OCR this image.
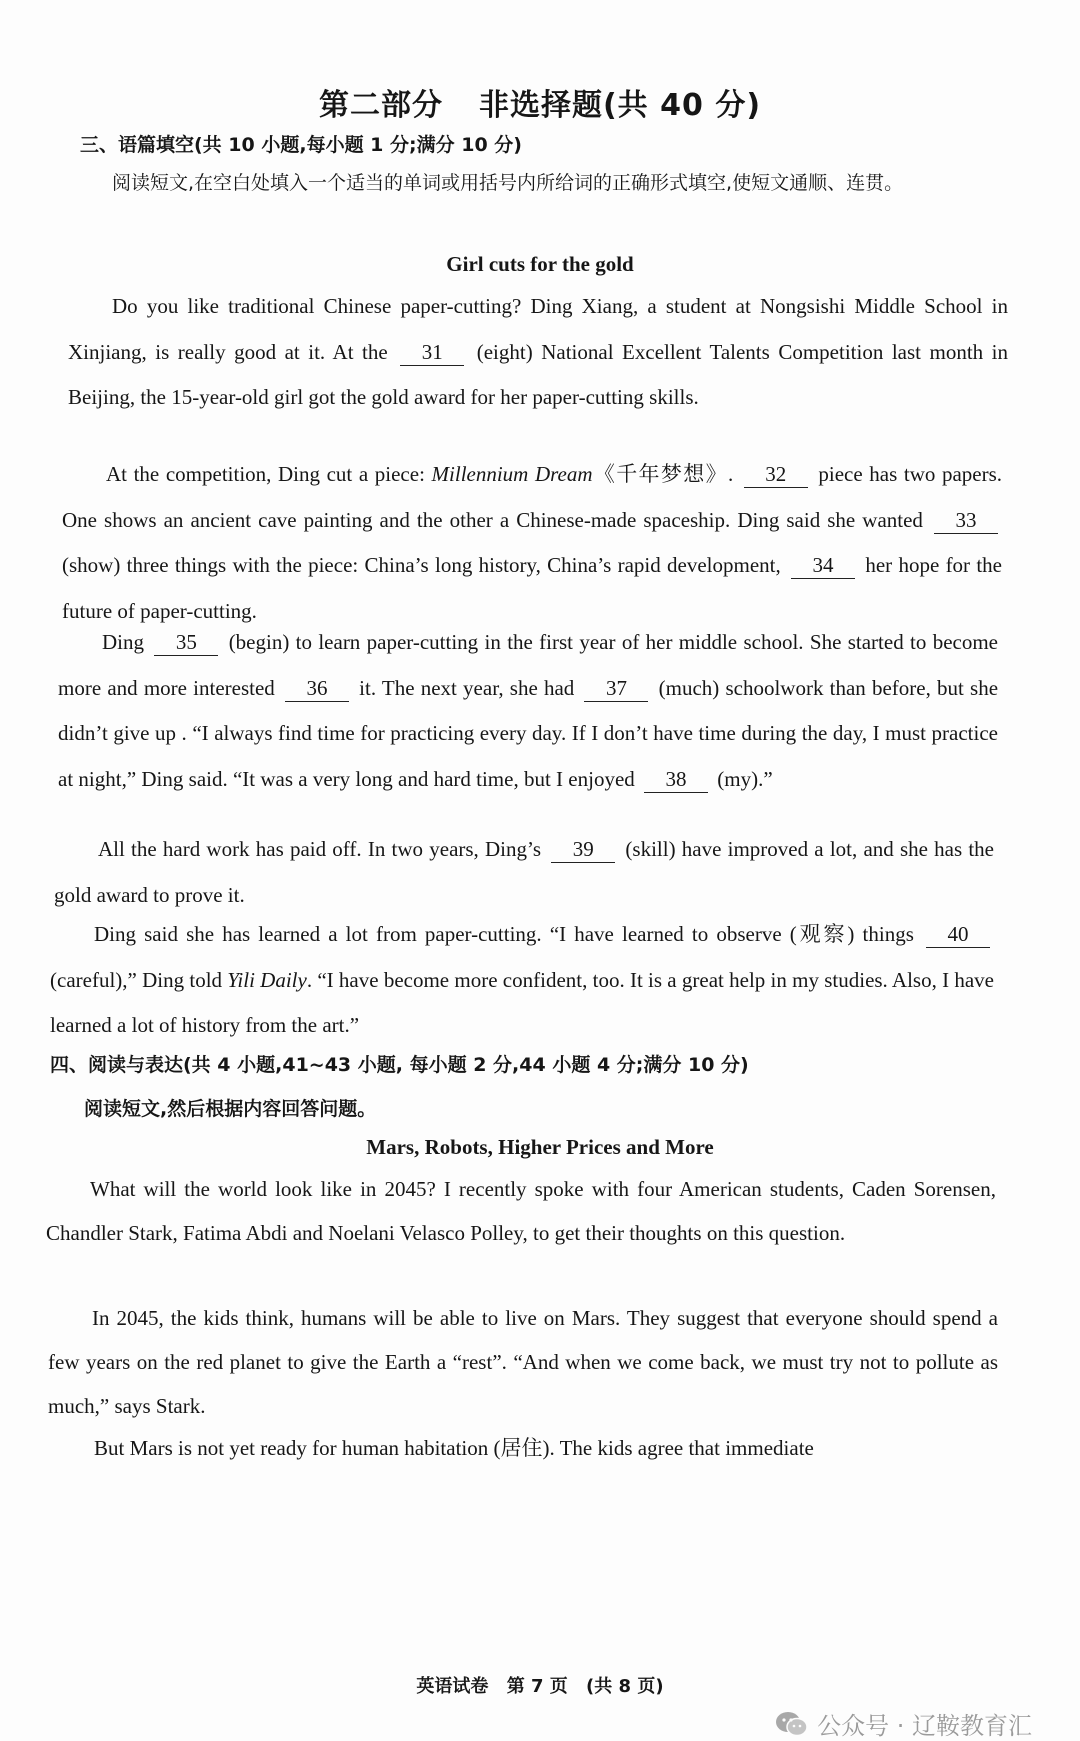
第二部分 非选择题(共 40 分)
三、语篇填空(共 10 小题,每小题 1 分;满分 10 分)
阅读短文,在空白处填入一个适当的单词或用括号内所给词的正确形式填空,使短文通顺、连贯。
Girl cuts for the gold
Do you like traditional Chinese paper-cutting? Ding Xiang, a student at Nongsishi Middle School in Xinjiang, is really good at it. At the 31 (eight) National Excellent Talents Competition last month in Beijing, the 15-year-old girl got the gold award for her paper-cutting skills.
At the competition, Ding cut a piece: Millennium Dream《千年梦想》. 32 piece has two papers. One shows an ancient cave painting and the other a Chinese-made spaceship. Ding said she wanted 33 (show) three things with the piece: China’s long history, China’s rapid development, 34 her hope for the future of paper-cutting.
Ding 35 (begin) to learn paper-cutting in the first year of her middle school. She started to become more and more interested 36 it. The next year, she had 37 (much) schoolwork than before, but she didn’t give up . “I always find time for practicing every day. If I don’t have time during the day, I must practice at night,” Ding said. “It was a very long and hard time, but I enjoyed 38 (my).”
All the hard work has paid off. In two years, Ding’s 39 (skill) have improved a lot, and she has the gold award to prove it.
Ding said she has learned a lot from paper-cutting. “I have learned to observe (观察) things 40 (careful),” Ding told Yili Daily. “I have become more confident, too. It is a great help in my studies. Also, I have learned a lot of history from the art.”
四、阅读与表达(共 4 小题,41~43 小题, 每小题 2 分,44 小题 4 分;满分 10 分)
阅读短文,然后根据内容回答问题。
Mars, Robots, Higher Prices and More
What will the world look like in 2045? I recently spoke with four American students, Caden Sorensen, Chandler Stark, Fatima Abdi and Noelani Velasco Polley, to get their thoughts on this question.
In 2045, the kids think, humans will be able to live on Mars. They suggest that everyone should spend a few years on the red planet to give the Earth a “rest”. “And when we come back, we must try not to pollute as much,” says Stark.
But Mars is not yet ready for human habitation (居住). The kids agree that immediate
英语试卷 第 7 页 (共 8 页)
公众号 · 辽鞍教育汇
